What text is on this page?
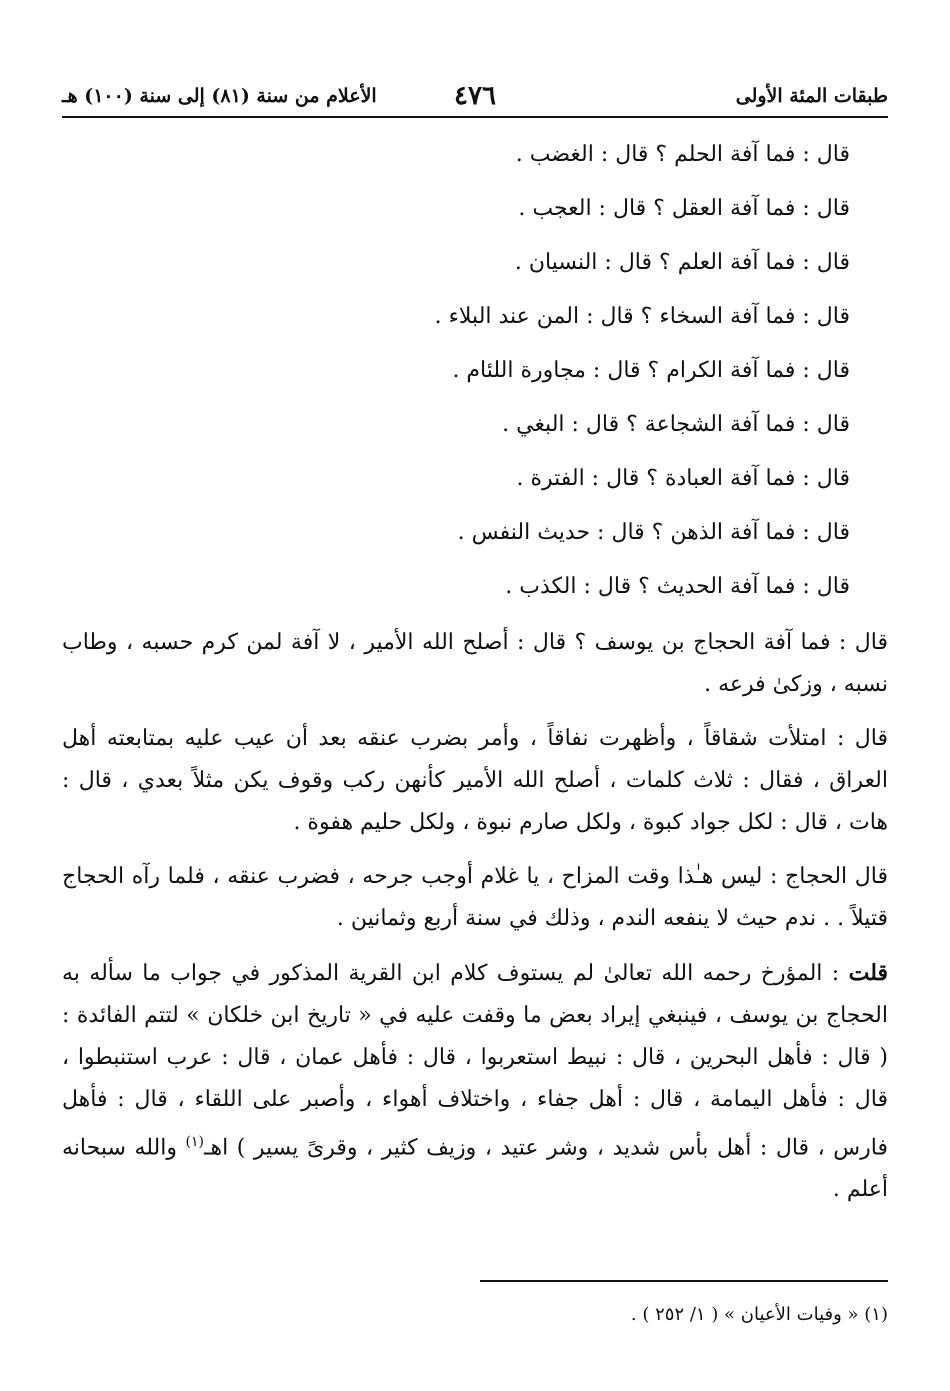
طبقات المئة الأولى
٤٧٦
الأعلام من سنة (٨١) إلى سنة (١٠٠) هـ
قال : فما آفة الحلم ؟ قال : الغضب .
قال : فما آفة العقل ؟ قال : العجب .
قال : فما آفة العلم ؟ قال : النسيان .
قال : فما آفة السخاء ؟ قال : المن عند البلاء .
قال : فما آفة الكرام ؟ قال : مجاورة اللئام .
قال : فما آفة الشجاعة ؟ قال : البغي .
قال : فما آفة العبادة ؟ قال : الفترة .
قال : فما آفة الذهن ؟ قال : حديث النفس .
قال : فما آفة الحديث ؟ قال : الكذب .
قال : فما آفة الحجاج بن يوسف ؟ قال : أصلح الله الأمير ، لا آفة لمن كرم حسبه ، وطاب نسبه ، وزكىٰ فرعه .
قال : امتلأت شقاقاً ، وأظهرت نفاقاً ، وأمر بضرب عنقه بعد أن عيب عليه بمتابعته أهل العراق ، فقال : ثلاث كلمات ، أصلح الله الأمير كأنهن ركب وقوف يكن مثلاً بعدي ، قال : هات ، قال : لكل جواد كبوة ، ولكل صارم نبوة ، ولكل حليم هفوة .
قال الحجاج : ليس هـٰذا وقت المزاح ، يا غلام أوجب جرحه ، فضرب عنقه ، فلما رآه الحجاج قتيلاً . . ندم حيث لا ينفعه الندم ، وذلك في سنة أربع وثمانين .
قلت : المؤرخ رحمه الله تعالىٰ لم يستوف كلام ابن القرية المذكور في جواب ما سأله به الحجاج بن يوسف ، فينبغي إيراد بعض ما وقفت عليه في « تاريخ ابن خلكان » لتتم الفائدة : ( قال : فأهل البحرين ، قال : نبيط استعربوا ، قال : فأهل عمان ، قال : عرب استنبطوا ، قال : فأهل اليمامة ، قال : أهل جفاء ، واختلاف أهواء ، وأصبر على اللقاء ، قال : فأهل فارس ، قال : أهل بأس شديد ، وشر عتيد ، وزيف كثير ، وقرىً يسير ) اهـ$^{(١)}$ والله سبحانه أعلم .
(١) « وفيات الأعيان » ( ١/ ٢٥٢ ) .
